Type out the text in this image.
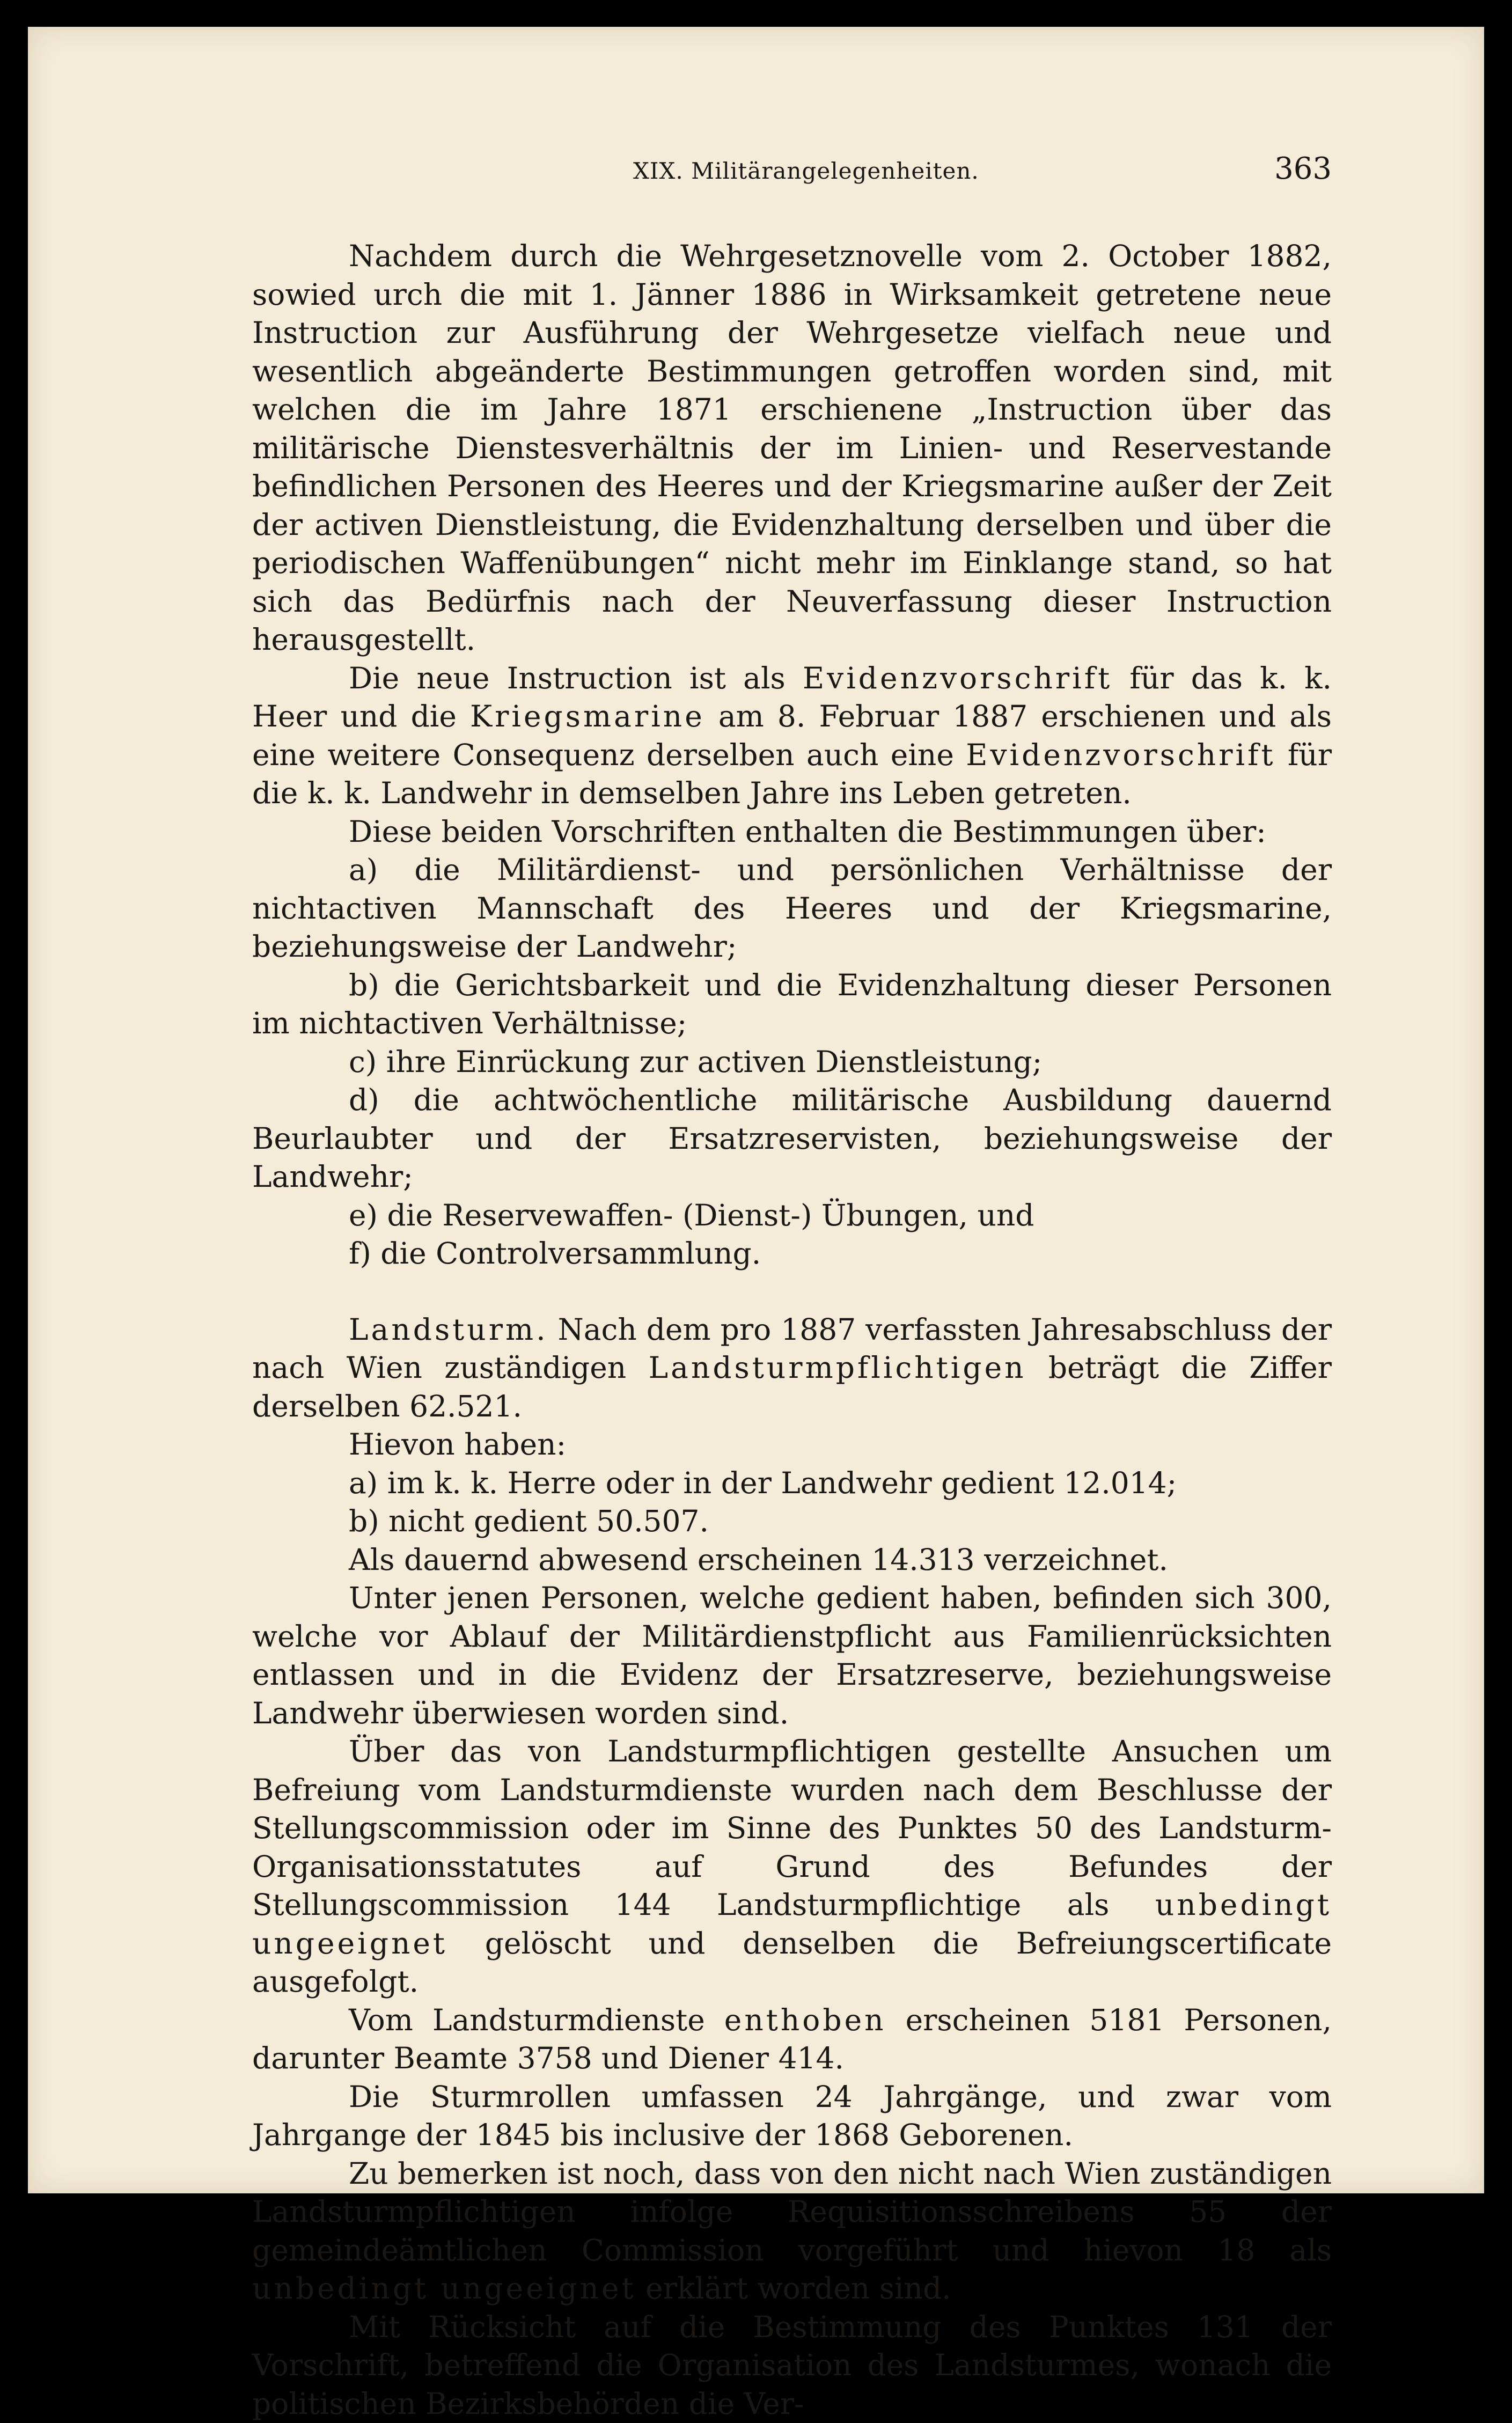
XIX. Militärangelegenheiten.	363

Nachdem durch die Wehrgesetznovelle vom 2. October 1882, sowied urch die mit 1. Jänner 1886 in Wirksamkeit getretene neue Instruction zur Ausführung der Wehrgesetze vielfach neue und wesentlich abgeänderte Bestimmungen getroffen worden sind, mit welchen die im Jahre 1871 erschienene „Instruction über das militärische Dienstesverhältnis der im Linien- und Reservestande befindlichen Personen des Heeres und der Kriegsmarine außer der Zeit der activen Dienstleistung, die Evidenzhaltung derselben und über die periodischen Waffenübungen“ nicht mehr im Einklange stand, so hat sich das Bedürfnis nach der Neuverfassung dieser Instruction herausgestellt.

Die neue Instruction ist als Evidenzvorschrift für das k. k. Heer und die Kriegsmarine am 8. Februar 1887 erschienen und als eine weitere Consequenz derselben auch eine Evidenzvorschrift für die k. k. Landwehr in demselben Jahre ins Leben getreten.

Diese beiden Vorschriften enthalten die Bestimmungen über:

a) die Militärdienst- und persönlichen Verhältnisse der nichtactiven Mannschaft des Heeres und der Kriegsmarine, beziehungsweise der Landwehr;

b) die Gerichtsbarkeit und die Evidenzhaltung dieser Personen im nichtactiven Verhältnisse;

c) ihre Einrückung zur activen Dienstleistung;

d) die achtwöchentliche militärische Ausbildung dauernd Beurlaubter und der Ersatzreservisten, beziehungsweise der Landwehr;

e) die Reservewaffen- (Dienst-) Übungen, und

f) die Controlversammlung.

Landsturm. Nach dem pro 1887 verfassten Jahresabschluss der nach Wien zuständigen Landsturmpflichtigen beträgt die Ziffer derselben 62.521.

Hievon haben:

a) im k. k. Herre oder in der Landwehr gedient 12.014;

b) nicht gedient 50.507.

Als dauernd abwesend erscheinen 14.313 verzeichnet.

Unter jenen Personen, welche gedient haben, befinden sich 300, welche vor Ablauf der Militärdienstpflicht aus Familienrücksichten entlassen und in die Evidenz der Ersatzreserve, beziehungsweise Landwehr überwiesen worden sind.

Über das von Landsturmpflichtigen gestellte Ansuchen um Befreiung vom Landsturmdienste wurden nach dem Beschlusse der Stellungscommission oder im Sinne des Punktes 50 des Landsturm-Organisationsstatutes auf Grund des Befundes der Stellungscommission 144 Landsturmpflichtige als unbedingt ungeeignet gelöscht und denselben die Befreiungscertificate ausgefolgt.

Vom Landsturmdienste enthoben erscheinen 5181 Personen, darunter Beamte 3758 und Diener 414.

Die Sturmrollen umfassen 24 Jahrgänge, und zwar vom Jahrgange der 1845 bis inclusive der 1868 Geborenen.

Zu bemerken ist noch, dass von den nicht nach Wien zuständigen Landsturmpflichtigen infolge Requisitionsschreibens 55 der gemeindeämtlichen Commission vorgeführt und hievon 18 als unbedingt ungeeignet erklärt worden sind.

Mit Rücksicht auf die Bestimmung des Punktes 131 der Vorschrift, betreffend die Organisation des Landsturmes, wonach die politischen Bezirksbehörden die Ver-
